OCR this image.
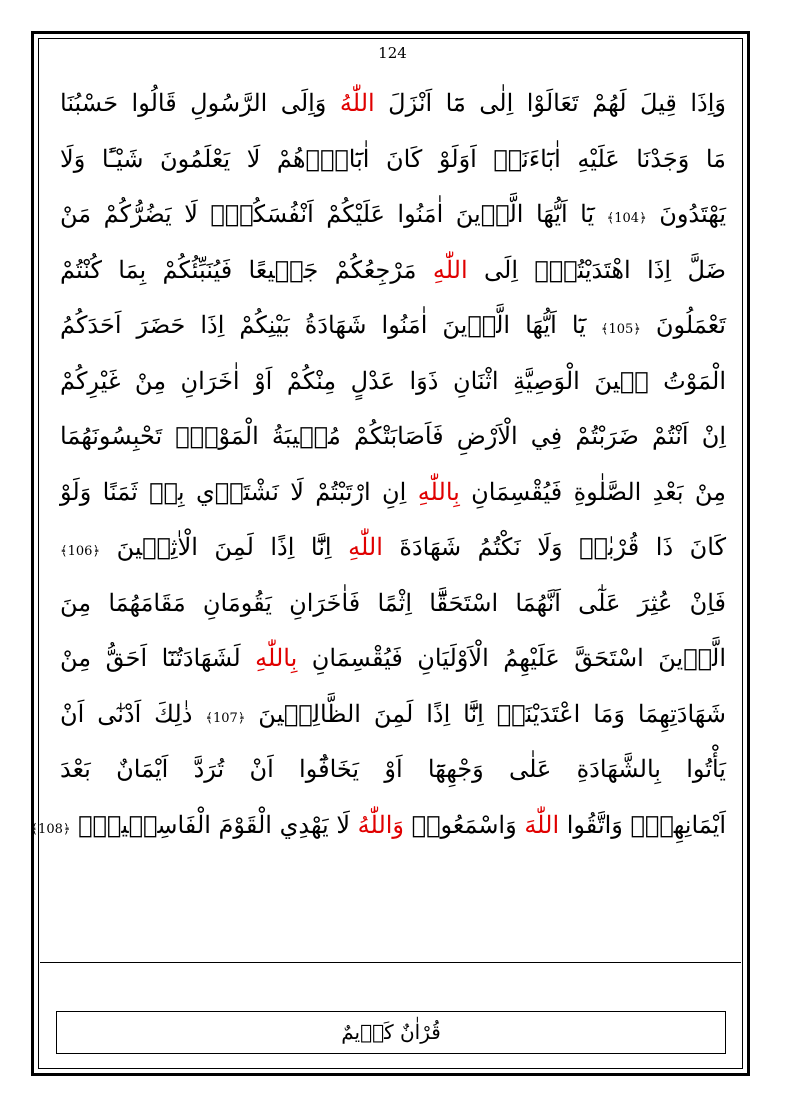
124
وَاِذَا قِيلَ لَهُمْ تَعَالَوْا اِلٰى مَٓا اَنْزَلَ اللّٰهُ وَاِلَى الرَّسُولِ قَالُوا حَسْبُنَا
مَا وَجَدْنَا عَلَيْهِ اٰبَٓاءَنَاۜ اَوَلَوْ كَانَ اٰبَٓاؤُ۬هُمْ لَا يَعْلَمُونَ شَيْـًٔا وَلَا
يَهْتَدُونَ ﴿104﴾ يَٓا اَيُّهَا الَّذ۪ينَ اٰمَنُوا عَلَيْكُمْ اَنْفُسَكُمْۚ لَا يَضُرُّكُمْ مَنْ
ضَلَّ اِذَا اهْتَدَيْتُمْۜ اِلَى اللّٰهِ مَرْجِعُكُمْ جَم۪يعًا فَيُنَبِّئُكُمْ بِمَا كُنْتُمْ
تَعْمَلُونَ ﴿105﴾ يَٓا اَيُّهَا الَّذ۪ينَ اٰمَنُوا شَهَادَةُ بَيْنِكُمْ اِذَا حَضَرَ اَحَدَكُمُ
الْمَوْتُ ح۪ينَ الْوَصِيَّةِ اثْنَانِ ذَوَا عَدْلٍ مِنْكُمْ اَوْ اٰخَرَانِ مِنْ غَيْرِكُمْ
اِنْ اَنْتُمْ ضَرَبْتُمْ فِي الْاَرْضِ فَاَصَابَتْكُمْ مُص۪يبَةُ الْمَوْتِۜ تَحْبِسُونَهُمَا
مِنْ بَعْدِ الصَّلٰوةِ فَيُقْسِمَانِ بِاللّٰهِ اِنِ ارْتَبْتُمْ لَا نَشْتَر۪ي بِه۪ ثَمَنًا وَلَوْ
كَانَ ذَا قُرْبٰىۙ وَلَا نَكْتُمُ شَهَادَةَ اللّٰهِ اِنَّٓا اِذًا لَمِنَ الْاٰثِم۪ينَ ﴿106﴾
فَاِنْ عُثِرَ عَلٰٓى اَنَّهُمَا اسْتَحَقَّٓا اِثْمًا فَاٰخَرَانِ يَقُومَانِ مَقَامَهُمَا مِنَ
الَّذ۪ينَ اسْتَحَقَّ عَلَيْهِمُ الْاَوْلَيَانِ فَيُقْسِمَانِ بِاللّٰهِ لَشَهَادَتُنَٓا اَحَقُّ مِنْ
شَهَادَتِهِمَا وَمَا اعْتَدَيْنَاۘ اِنَّٓا اِذًا لَمِنَ الظَّالِم۪ينَ ﴿107﴾ ذٰلِكَ اَدْنٰٓى اَنْ
يَأْتُوا بِالشَّهَادَةِ عَلٰى وَجْهِهَٓا اَوْ يَخَافُٓوا اَنْ تُرَدَّ اَيْمَانٌ بَعْدَ
اَيْمَانِهِمْۜ وَاتَّقُوا اللّٰهَ وَاسْمَعُواۜ وَاللّٰهُ لَا يَهْدِي الْقَوْمَ الْفَاسِق۪ينَ۟ ﴿108﴾
قُرْاٰنٌ كَر۪يمٌ
